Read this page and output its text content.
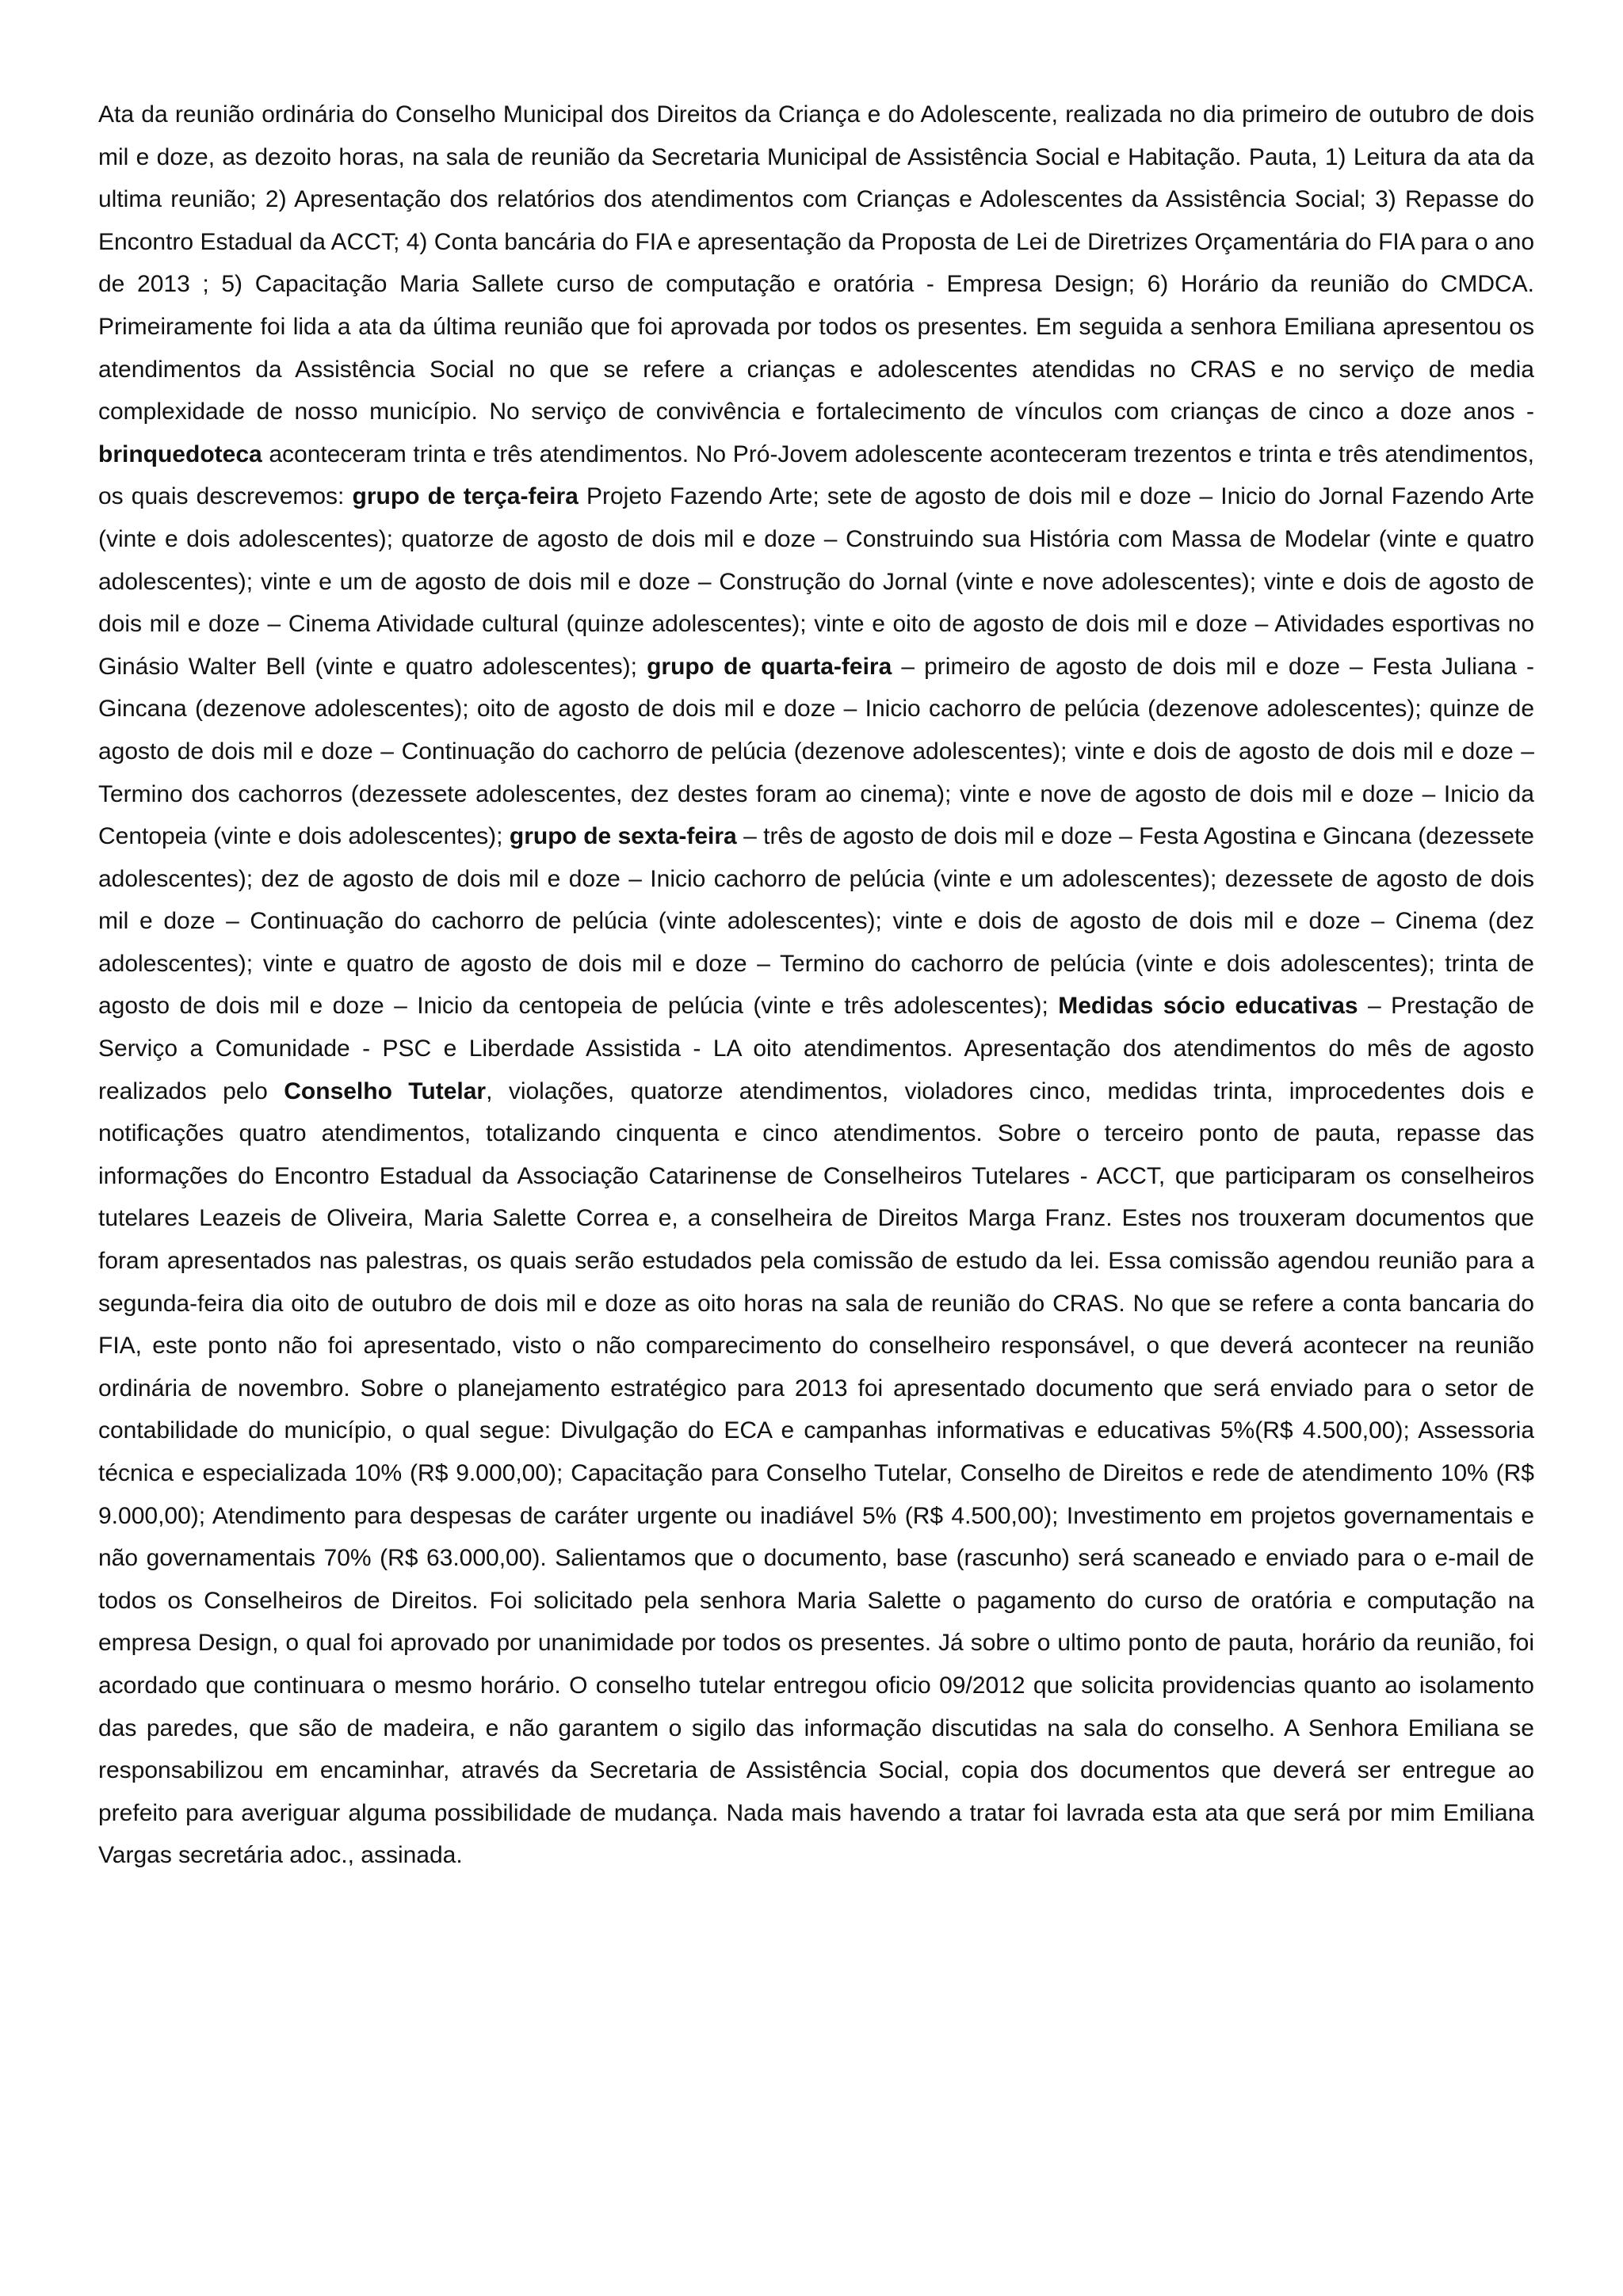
Ata da reunião ordinária do Conselho Municipal dos Direitos da Criança e do Adolescente, realizada no dia primeiro de outubro de dois mil e doze, as dezoito horas, na sala de reunião da Secretaria Municipal de Assistência Social e Habitação. Pauta, 1) Leitura da ata da ultima reunião; 2) Apresentação dos relatórios dos atendimentos com Crianças e Adolescentes da Assistência Social; 3) Repasse do Encontro Estadual da ACCT; 4) Conta bancária do FIA e apresentação da Proposta de Lei de Diretrizes Orçamentária do FIA para o ano de 2013 ; 5) Capacitação Maria Sallete curso de computação e oratória - Empresa Design; 6) Horário da reunião do CMDCA. Primeiramente foi lida a ata da última reunião que foi aprovada por todos os presentes. Em seguida a senhora Emiliana apresentou os atendimentos da Assistência Social no que se refere a crianças e adolescentes atendidas no CRAS e no serviço de media complexidade de nosso município. No serviço de convivência e fortalecimento de vínculos com crianças de cinco a doze anos - brinquedoteca aconteceram trinta e três atendimentos. No Pró-Jovem adolescente aconteceram trezentos e trinta e três atendimentos, os quais descrevemos: grupo de terça-feira Projeto Fazendo Arte; sete de agosto de dois mil e doze – Inicio do Jornal Fazendo Arte (vinte e dois adolescentes); quatorze de agosto de dois mil e doze – Construindo sua História com Massa de Modelar (vinte e quatro adolescentes); vinte e um de agosto de dois mil e doze – Construção do Jornal (vinte e nove adolescentes); vinte e dois de agosto de dois mil e doze – Cinema Atividade cultural (quinze adolescentes); vinte e oito de agosto de dois mil e doze – Atividades esportivas no Ginásio Walter Bell (vinte e quatro adolescentes); grupo de quarta-feira – primeiro de agosto de dois mil e doze – Festa Juliana - Gincana (dezenove adolescentes); oito de agosto de dois mil e doze – Inicio cachorro de pelúcia (dezenove adolescentes); quinze de agosto de dois mil e doze – Continuação do cachorro de pelúcia (dezenove adolescentes); vinte e dois de agosto de dois mil e doze – Termino dos cachorros (dezessete adolescentes, dez destes foram ao cinema); vinte e nove de agosto de dois mil e doze – Inicio da Centopeia (vinte e dois adolescentes); grupo de sexta-feira – três de agosto de dois mil e doze – Festa Agostina e Gincana (dezessete adolescentes); dez de agosto de dois mil e doze – Inicio cachorro de pelúcia (vinte e um adolescentes); dezessete de agosto de dois mil e doze – Continuação do cachorro de pelúcia (vinte adolescentes); vinte e dois de agosto de dois mil e doze – Cinema (dez adolescentes); vinte e quatro de agosto de dois mil e doze – Termino do cachorro de pelúcia (vinte e dois adolescentes); trinta de agosto de dois mil e doze – Inicio da centopeia de pelúcia (vinte e três adolescentes); Medidas sócio educativas – Prestação de Serviço a Comunidade - PSC e Liberdade Assistida - LA oito atendimentos. Apresentação dos atendimentos do mês de agosto realizados pelo Conselho Tutelar, violações, quatorze atendimentos, violadores cinco, medidas trinta, improcedentes dois e notificações quatro atendimentos, totalizando cinquenta e cinco atendimentos. Sobre o terceiro ponto de pauta, repasse das informações do Encontro Estadual da Associação Catarinense de Conselheiros Tutelares - ACCT, que participaram os conselheiros tutelares Leazeis de Oliveira, Maria Salette Correa e, a conselheira de Direitos Marga Franz. Estes nos trouxeram documentos que foram apresentados nas palestras, os quais serão estudados pela comissão de estudo da lei. Essa comissão agendou reunião para a segunda-feira dia oito de outubro de dois mil e doze as oito horas na sala de reunião do CRAS. No que se refere a conta bancaria do FIA, este ponto não foi apresentado, visto o não comparecimento do conselheiro responsável, o que deverá acontecer na reunião ordinária de novembro. Sobre o planejamento estratégico para 2013 foi apresentado documento que será enviado para o setor de contabilidade do município, o qual segue: Divulgação do ECA e campanhas informativas e educativas 5%(R$ 4.500,00); Assessoria técnica e especializada 10% (R$ 9.000,00); Capacitação para Conselho Tutelar, Conselho de Direitos e rede de atendimento 10% (R$ 9.000,00); Atendimento para despesas de caráter urgente ou inadiável 5% (R$ 4.500,00); Investimento em projetos governamentais e não governamentais 70% (R$ 63.000,00). Salientamos que o documento, base (rascunho) será scaneado e enviado para o e-mail de todos os Conselheiros de Direitos. Foi solicitado pela senhora Maria Salette o pagamento do curso de oratória e computação na empresa Design, o qual foi aprovado por unanimidade por todos os presentes. Já sobre o ultimo ponto de pauta, horário da reunião, foi acordado que continuara o mesmo horário. O conselho tutelar entregou oficio 09/2012 que solicita providencias quanto ao isolamento das paredes, que são de madeira, e não garantem o sigilo das informação discutidas na sala do conselho. A Senhora Emiliana se responsabilizou em encaminhar, através da Secretaria de Assistência Social, copia dos documentos que deverá ser entregue ao prefeito para averiguar alguma possibilidade de mudança. Nada mais havendo a tratar foi lavrada esta ata que será por mim Emiliana Vargas secretária adoc., assinada.
